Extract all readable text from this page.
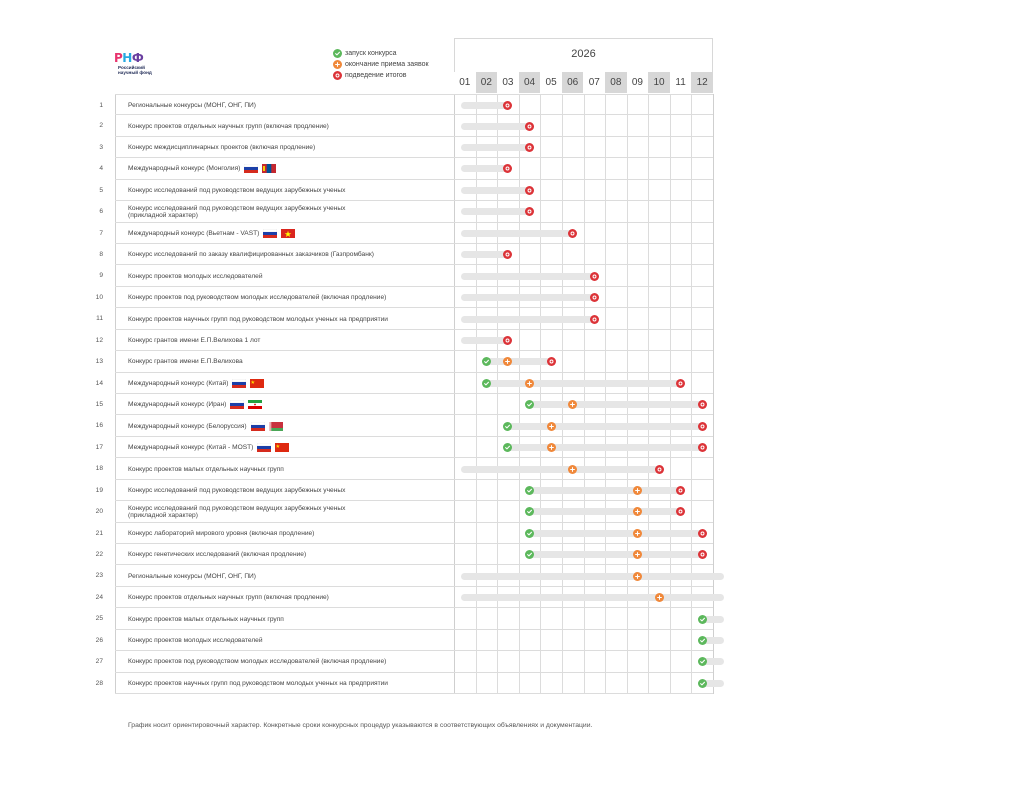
Р Н Ф
Российский
научный фонд
запуск конкурса
окончание приема заявок
подведение итогов
2026
01	02	03	04	05	06	07	08	09	10	11	12
1	Региональные конкурсы (МОНГ, ОНГ, ПИ)
2	Конкурс проектов отдельных научных групп (включая продление)
3	Конкурс междисциплинарных проектов (включая продление)
4	Международный конкурс (Монголия)
5	Конкурс исследований под руководством ведущих зарубежных ученых
6	Конкурс исследований под руководством ведущих зарубежных ученых
(прикладной характер)
7	Международный конкурс (Вьетнам - VAST)
8	Конкурс исследований по заказу квалифицированных заказчиков (Газпромбанк)
9	Конкурс проектов молодых исследователей
10	Конкурс проектов под руководством молодых исследователей (включая продление)
11	Конкурс проектов научных групп под руководством молодых ученых на предприятии
12	Конкурс грантов имени Е.П.Велихова 1 лот
13	Конкурс грантов имени Е.П.Велихова
14	Международный конкурс (Китай)
15	Международный конкурс (Иран)
16	Международный конкурс (Белоруссия)
17	Международный конкурс (Китай - MOST)
18	Конкурс проектов малых отдельных научных групп
19	Конкурс исследований под руководством ведущих зарубежных ученых
20	Конкурс исследований под руководством ведущих зарубежных ученых
(прикладной характер)
21	Конкурс лабораторий мирового уровня (включая продление)
22	Конкурс генетических исследований (включая продление)
23	Региональные конкурсы (МОНГ, ОНГ, ПИ)
24	Конкурс проектов отдельных научных групп (включая продление)
25	Конкурс проектов малых отдельных научных групп
26	Конкурс проектов молодых исследователей
27	Конкурс проектов под руководством молодых исследователей (включая продление)
28	Конкурс проектов научных групп под руководством молодых ученых на предприятии
График носит ориентировочный характер. Конкретные сроки конкурсных процедур указываются в соответствующих объявлениях и документации.
